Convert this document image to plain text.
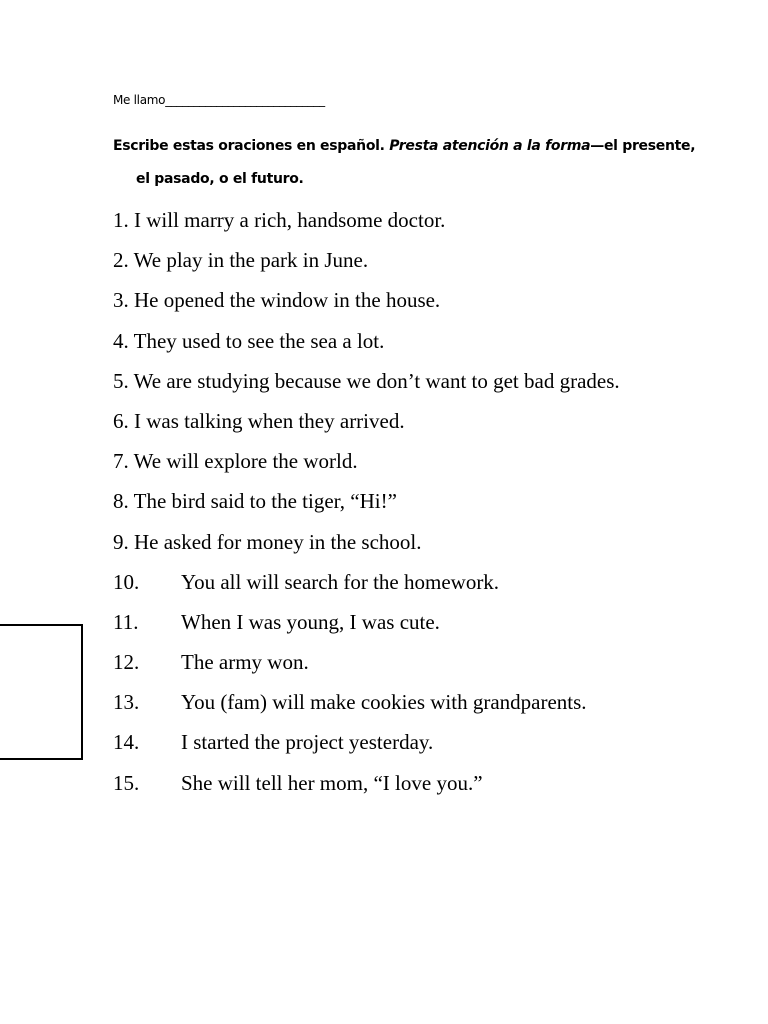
Me llamo____________________________
Escribe estas oraciones en español. Presta atención a la forma—el presente,
el pasado, o el futuro.
1. I will marry a rich, handsome doctor.
2. We play in the park in June.
3. He opened the window in the house.
4. They used to see the sea a lot.
5. We are studying because we don’t want to get bad grades.
6. I was talking when they arrived.
7. We will explore the world.
8. The bird said to the tiger, “Hi!”
9. He asked for money in the school.
10. You all will search for the homework.
11. When I was young, I was cute.
12. The army won.
13. You (fam) will make cookies with grandparents.
14. I started the project yesterday.
15. She will tell her mom, “I love you.”
